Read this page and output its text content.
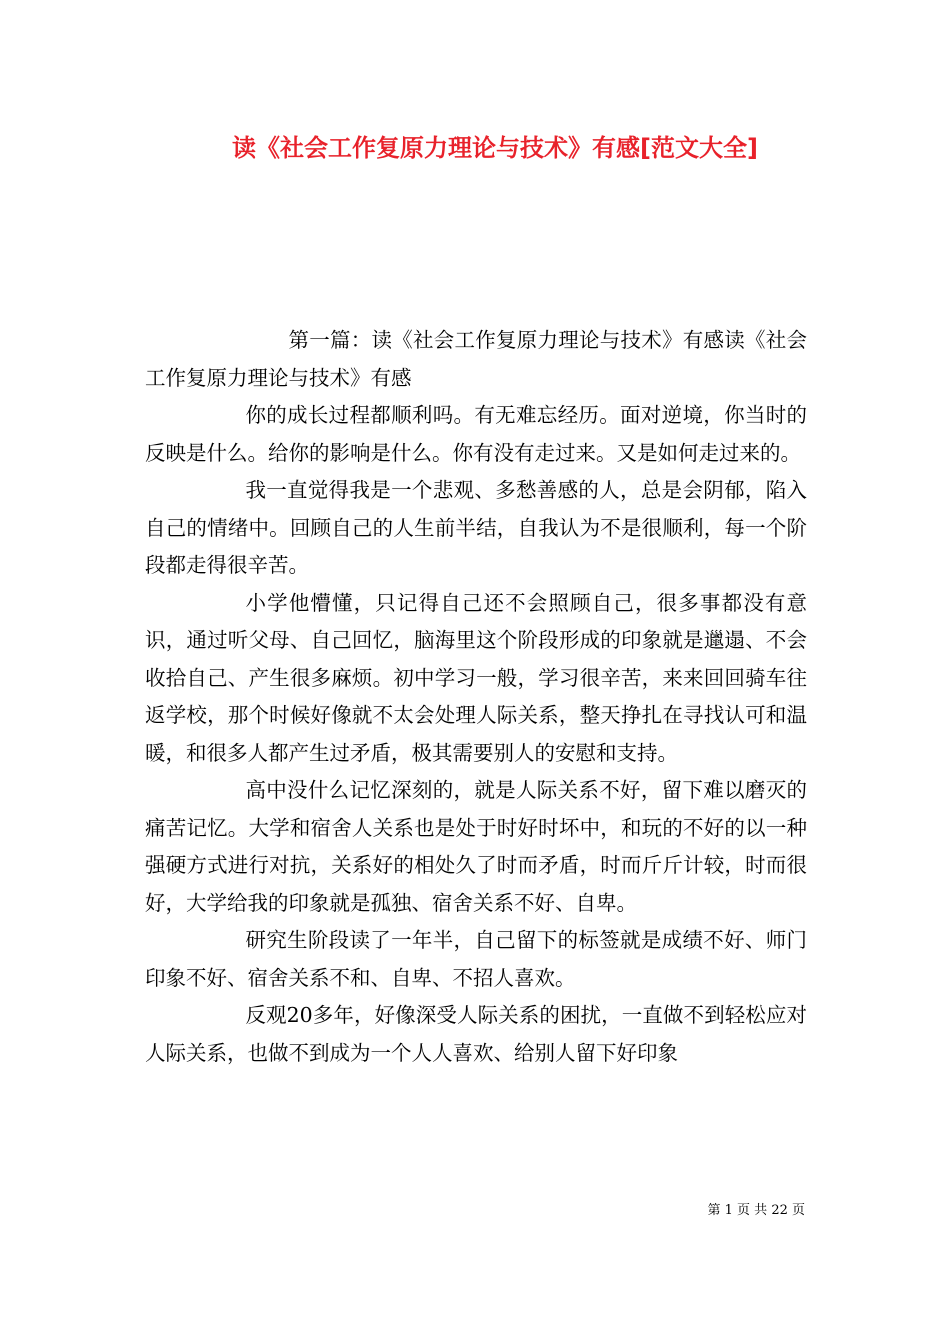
读《社会工作复原力理论与技术》有感[范文大全]

第一篇：读《社会工作复原力理论与技术》有感读《社会工作复原力理论与技术》有感

你的成长过程都顺利吗。有无难忘经历。面对逆境，你当时的反映是什么。给你的影响是什么。你有没有走过来。又是如何走过来的。

我一直觉得我是一个悲观、多愁善感的人，总是会阴郁，陷入自己的情绪中。回顾自己的人生前半结，自我认为不是很顺利，每一个阶段都走得很辛苦。

小学他懵懂，只记得自己还不会照顾自己，很多事都没有意识，通过听父母、自己回忆，脑海里这个阶段形成的印象就是邋遢、不会收拾自己、产生很多麻烦。初中学习一般，学习很辛苦，来来回回骑车往返学校，那个时候好像就不太会处理人际关系，整天挣扎在寻找认可和温暖，和很多人都产生过矛盾，极其需要别人的安慰和支持。

高中没什么记忆深刻的，就是人际关系不好，留下难以磨灭的痛苦记忆。大学和宿舍人关系也是处于时好时坏中，和玩的不好的以一种强硬方式进行对抗，关系好的相处久了时而矛盾，时而斤斤计较，时而很好，大学给我的印象就是孤独、宿舍关系不好、自卑。

研究生阶段读了一年半，自己留下的标签就是成绩不好、师门印象不好、宿舍关系不和、自卑、不招人喜欢。

反观20多年，好像深受人际关系的困扰，一直做不到轻松应对人际关系，也做不到成为一个人人喜欢、给别人留下好印象

第 1 页 共 22 页
